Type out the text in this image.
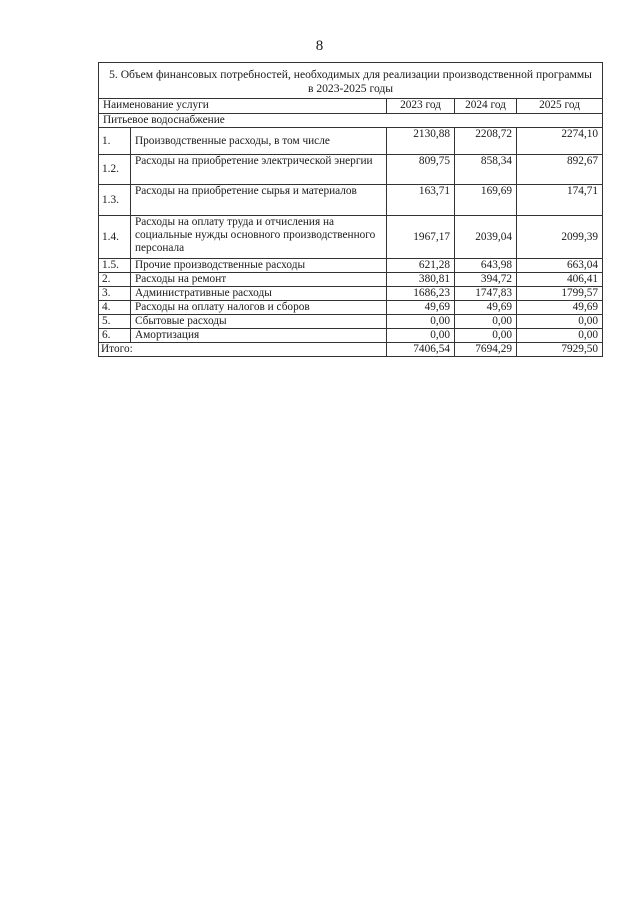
8
5. Объем финансовых потребностей, необходимых для реализации производственной программы в 2023-2025 годы				
Наименование услуги		2023 год	2024 год	2025 год
Питьевое водоснабжение				
1.	Производственные расходы, в том числе	2130,88	2208,72	2274,10
1.2.	Расходы на приобретение электрической энергии	809,75	858,34	892,67
1.3.	Расходы на приобретение сырья и материалов	163,71	169,69	174,71
1.4.	Расходы на оплату труда и отчисления на социальные нужды основного производственного персонала	1967,17	2039,04	2099,39
1.5.	Прочие производственные расходы	621,28	643,98	663,04
2.	Расходы на ремонт	380,81	394,72	406,41
3.	Административные расходы	1686,23	1747,83	1799,57
4.	Расходы на оплату налогов и сборов	49,69	49,69	49,69
5.	Сбытовые расходы	0,00	0,00	0,00
6.	Амортизация	0,00	0,00	0,00
Итого:		7406,54	7694,29	7929,50
